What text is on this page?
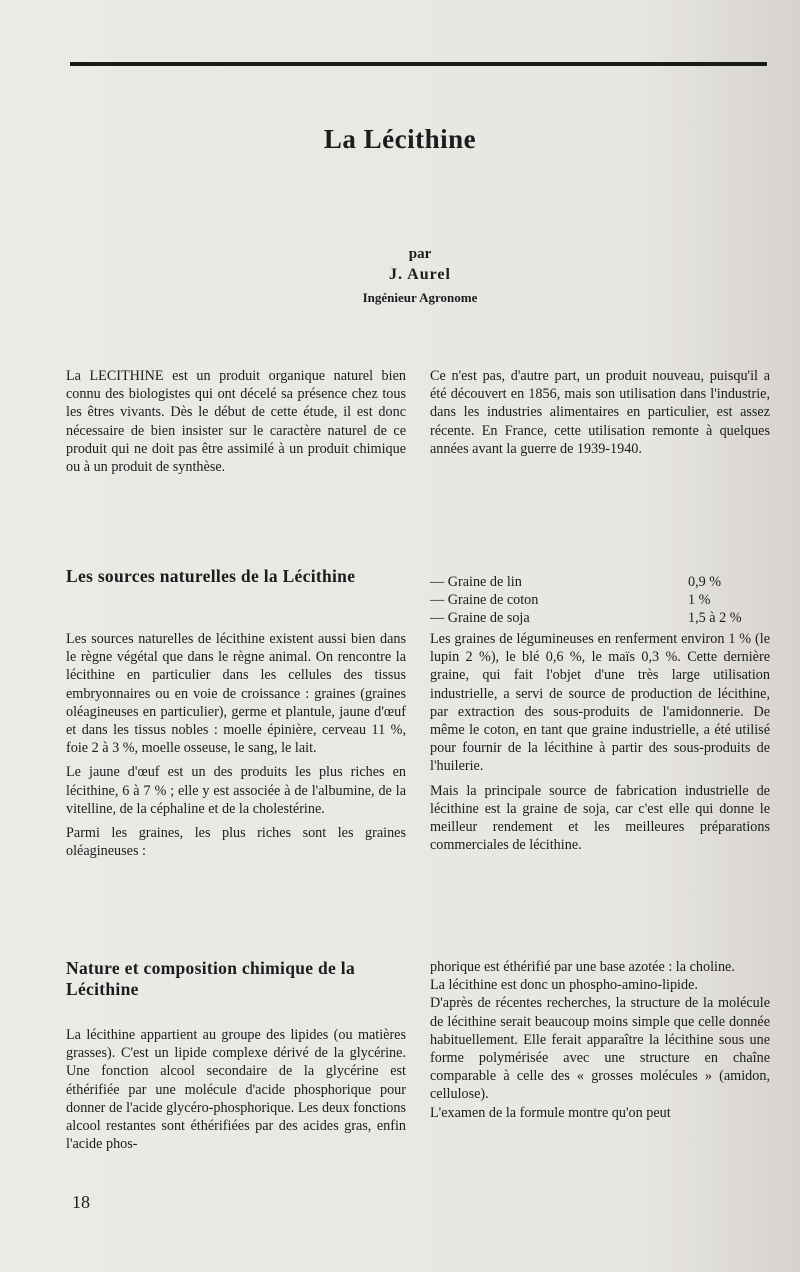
La Lécithine
par
J. Aurel
Ingénieur Agronome

La LECITHINE est un produit organique naturel bien connu des biologistes qui ont décelé sa présence chez tous les êtres vivants. Dès le début de cette étude, il est donc nécessaire de bien insister sur le caractère naturel de ce produit qui ne doit pas être assimilé à un produit chimique ou à un produit de synthèse.

Ce n'est pas, d'autre part, un produit nouveau, puisqu'il a été découvert en 1856, mais son utilisation dans l'industrie, dans les industries alimentaires en particulier, est assez récente. En France, cette utilisation remonte à quelques années avant la guerre de 1939-1940.

Les sources naturelles de la Lécithine

Les sources naturelles de lécithine existent aussi bien dans le règne végétal que dans le règne animal. On rencontre la lécithine en particulier dans les cellules des tissus embryonnaires ou en voie de croissance : graines (graines oléagineuses en particulier), germe et plantule, jaune d'œuf et dans les tissus nobles : moelle épinière, cerveau 11 %, foie 2 à 3 %, moelle osseuse, le sang, le lait.

Le jaune d'œuf est un des produits les plus riches en lécithine, 6 à 7 % ; elle y est associée à de l'albumine, de la vitelline, de la céphaline et de la cholestérine.

Parmi les graines, les plus riches sont les graines oléagineuses :

— Graine de lin	0,9 %
— Graine de coton	1 %
— Graine de soja	1,5 à 2 %

Les graines de légumineuses en renferment environ 1 % (le lupin 2 %), le blé 0,6 %, le maïs 0,3 %. Cette dernière graine, qui fait l'objet d'une très large utilisation industrielle, a servi de source de production de lécithine, par extraction des sous-produits de l'amidonnerie. De même le coton, en tant que graine industrielle, a été utilisé pour fournir de la lécithine à partir des sous-produits de l'huilerie.

Mais la principale source de fabrication industrielle de lécithine est la graine de soja, car c'est elle qui donne le meilleur rendement et les meilleures préparations commerciales de lécithine.

Nature et composition chimique de la Lécithine

La lécithine appartient au groupe des lipides (ou matières grasses). C'est un lipide complexe dérivé de la glycérine. Une fonction alcool secondaire de la glycérine est éthérifiée par une molécule d'acide phosphorique pour donner de l'acide glycéro-phosphorique. Les deux fonctions alcool restantes sont éthérifiées par des acides gras, enfin l'acide phos-

phorique est éthérifié par une base azotée : la choline.

La lécithine est donc un phospho-amino-lipide.

D'après de récentes recherches, la structure de la molécule de lécithine serait beaucoup moins simple que celle donnée habituellement. Elle ferait apparaître la lécithine sous une forme polymérisée avec une structure en chaîne comparable à celle des « grosses molécules » (amidon, cellulose).

L'examen de la formule montre qu'on peut

18
